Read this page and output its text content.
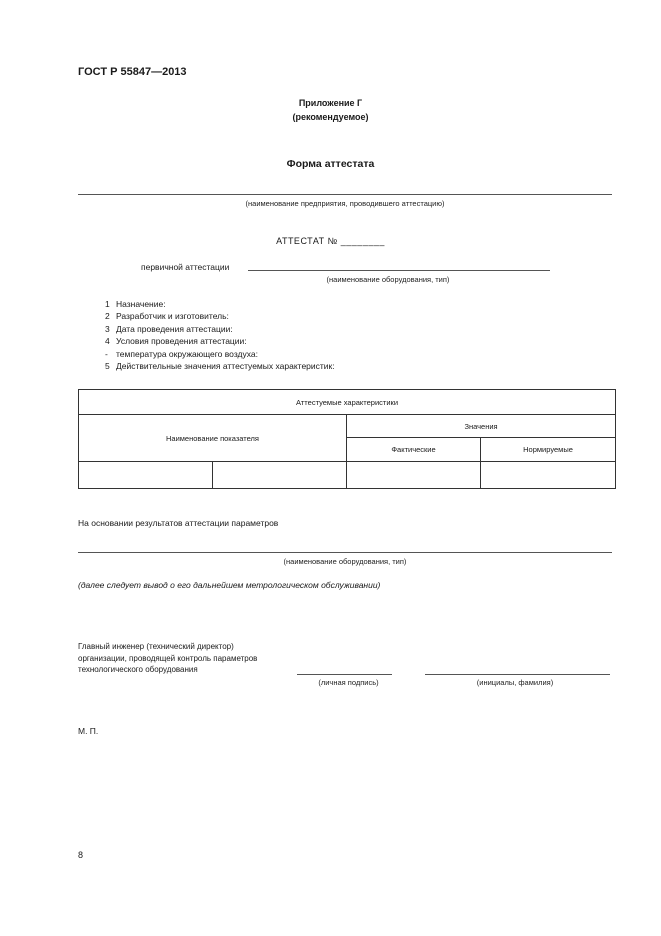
ГОСТ Р 55847—2013
Приложение Г
(рекомендуемое)
Форма аттестата
(наименование предприятия, проводившего аттестацию)
АТТЕСТАТ № ________
первичной аттестации
(наименование оборудования, тип)
1 Назначение:
2 Разработчик и изготовитель:
3 Дата проведения аттестации:
4 Условия проведения аттестации:
- температура окружающего воздуха:
5 Действительные значения аттестуемых характеристик:
Аттестуемые характеристики			
Наименование показателя		Значения	
		Фактические	Нормируемые

На основании результатов аттестации параметров
(наименование оборудования, тип)
(далее следует вывод о его дальнейшем метрологическом обслуживании)
Главный инженер (технический директор)
организации, проводящей контроль параметров
технологического оборудования
(личная подпись)	(инициалы, фамилия)
М. П.
8
